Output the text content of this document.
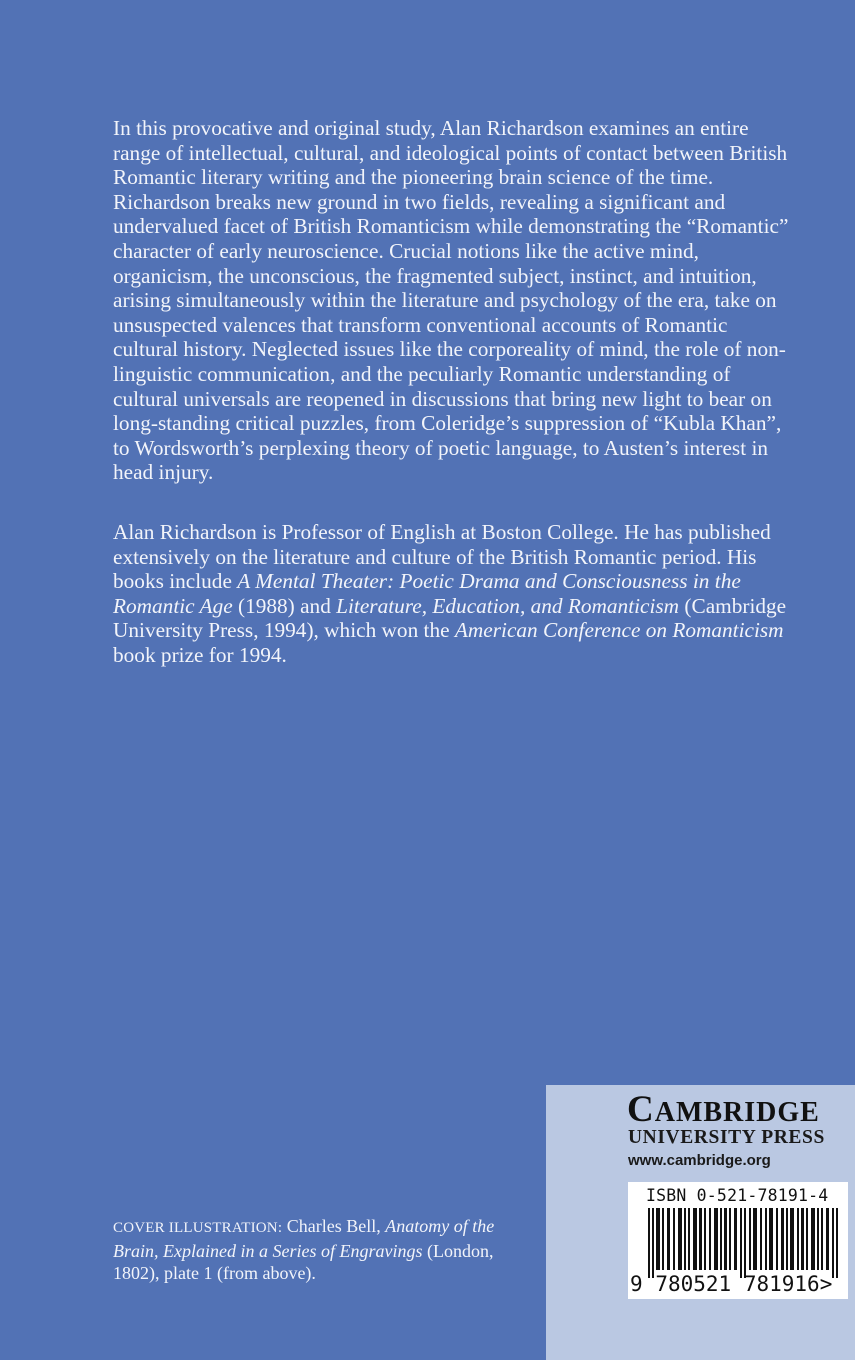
In this provocative and original study, Alan Richardson examines an entire range of intellectual, cultural, and ideological points of contact between British Romantic literary writing and the pioneering brain science of the time. Richardson breaks new ground in two fields, revealing a significant and undervalued facet of British Romanticism while demonstrating the “Romantic” character of early neuroscience. Crucial notions like the active mind, organicism, the unconscious, the fragmented subject, instinct, and intuition, arising simultaneously within the literature and psychology of the era, take on unsuspected valences that transform conventional accounts of Romantic cultural history. Neglected issues like the corporeality of mind, the role of non-linguistic communication, and the peculiarly Romantic understanding of cultural universals are reopened in discussions that bring new light to bear on long-standing critical puzzles, from Coleridge’s suppression of “Kubla Khan”, to Wordsworth’s perplexing theory of poetic language, to Austen’s interest in head injury.

Alan Richardson is Professor of English at Boston College. He has published extensively on the literature and culture of the British Romantic period. His books include A Mental Theater: Poetic Drama and Consciousness in the Romantic Age (1988) and Literature, Education, and Romanticism (Cambridge University Press, 1994), which won the American Conference on Romanticism book prize for 1994.

COVER ILLUSTRATION: Charles Bell, Anatomy of the Brain, Explained in a Series of Engravings (London, 1802), plate 1 (from above).

CAMBRIDGE
UNIVERSITY PRESS
www.cambridge.org
ISBN 0-521-78191-4
9 780521 781916>
